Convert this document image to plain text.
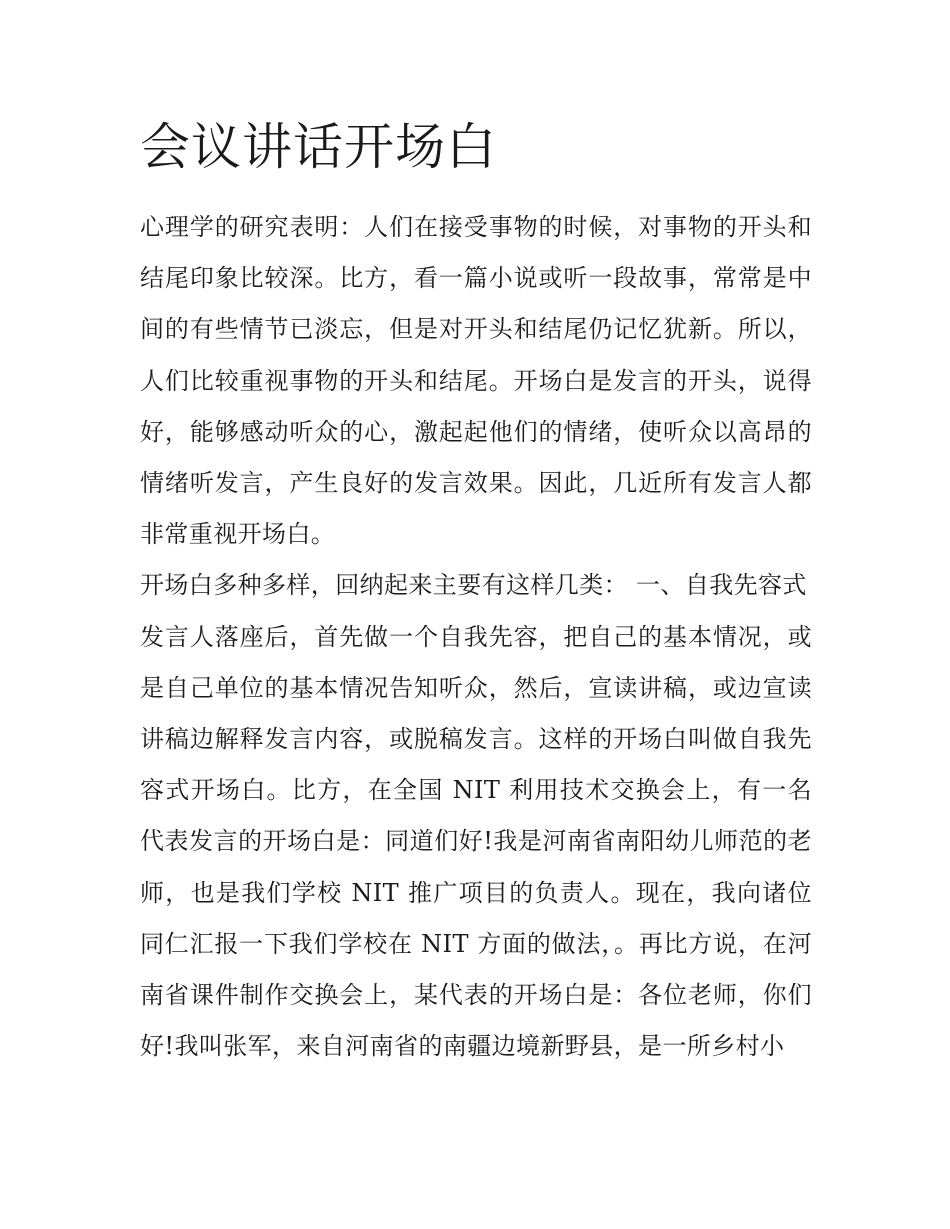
会议讲话开场白

心理学的研究表明：人们在接受事物的时候，对事物的开头和结尾印象比较深。比方，看一篇小说或听一段故事，常常是中间的有些情节已淡忘，但是对开头和结尾仍记忆犹新。所以，人们比较重视事物的开头和结尾。开场白是发言的开头，说得好，能够感动听众的心，激起起他们的情绪，使听众以高昂的情绪听发言，产生良好的发言效果。因此，几近所有发言人都非常重视开场白。

开场白多种多样，回纳起来主要有这样几类： 一、自我先容式

发言人落座后，首先做一个自我先容，把自己的基本情况，或是自己单位的基本情况告知听众，然后，宣读讲稿，或边宣读讲稿边解释发言内容，或脱稿发言。这样的开场白叫做自我先容式开场白。比方，在全国 NIT 利用技术交换会上，有一名代表发言的开场白是：同道们好!我是河南省南阳幼儿师范的老师，也是我们学校 NIT 推广项目的负责人。现在，我向诸位同仁汇报一下我们学校在 NIT 方面的做法，。再比方说，在河南省课件制作交换会上，某代表的开场白是：各位老师，你们好!我叫张军，来自河南省的南疆边境新野县，是一所乡村小
